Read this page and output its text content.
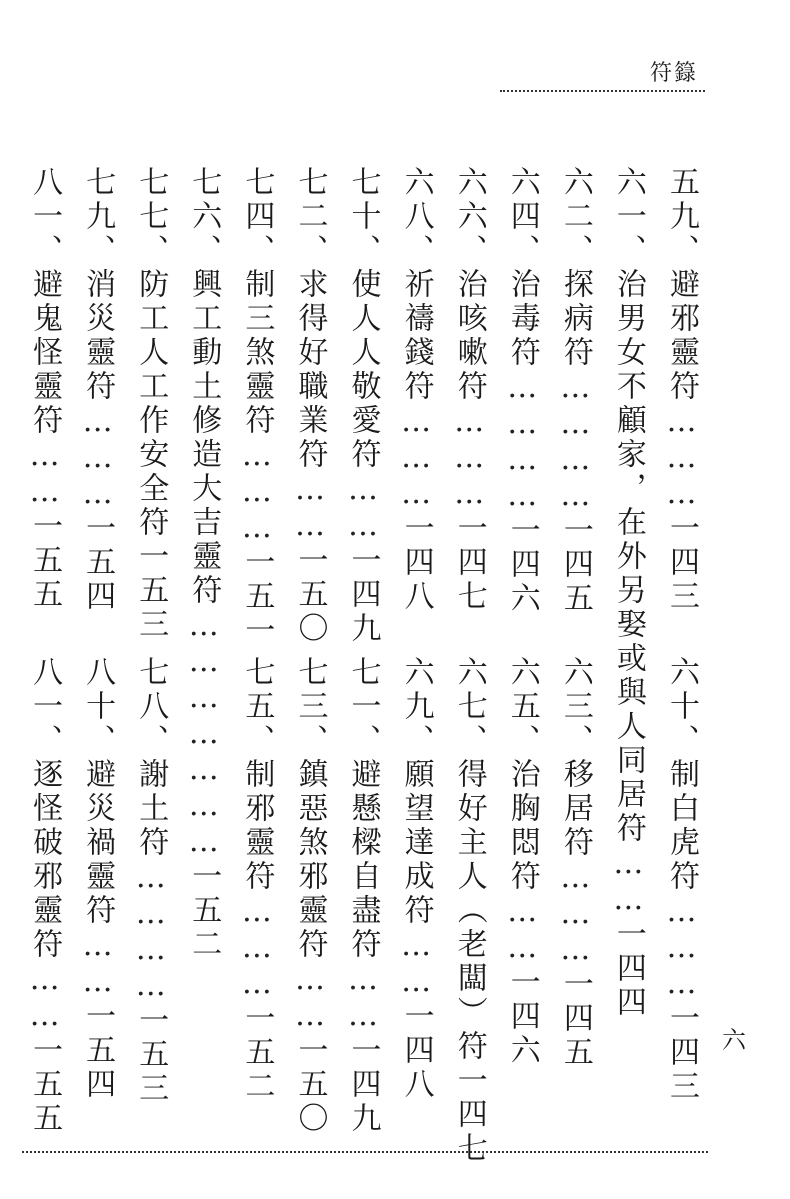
符籙
五九、避邪靈符………一四三
六十、制白虎符………一四三
六一、治男女不顧家，在外另娶或與人同居符……一四四
六二、探病符…………一四五
六三、移居符………一四五
六四、治毒符…………一四六
六五、治胸悶符……一四六
六六、治咳嗽符………一四七
六七、得好主人（老闆）符一四七
六八、祈禱錢符………一四八
六九、願望達成符……一四八
七十、使人人敬愛符……一四九
七一、避懸樑自盡符……一四九
七二、求得好職業符……一五〇
七三、鎮惡煞邪靈符……一五〇
七四、制三煞靈符………一五一
七五、制邪靈符………一五二
七六、興工動土修造大吉靈符…………………一五二
七七、防工人工作安全符一五三
七八、謝土符…………一五三
七九、消災靈符………一五四
八十、避災禍靈符……一五四
八一、避鬼怪靈符……一五五
八一、逐怪破邪靈符……一五五	六
